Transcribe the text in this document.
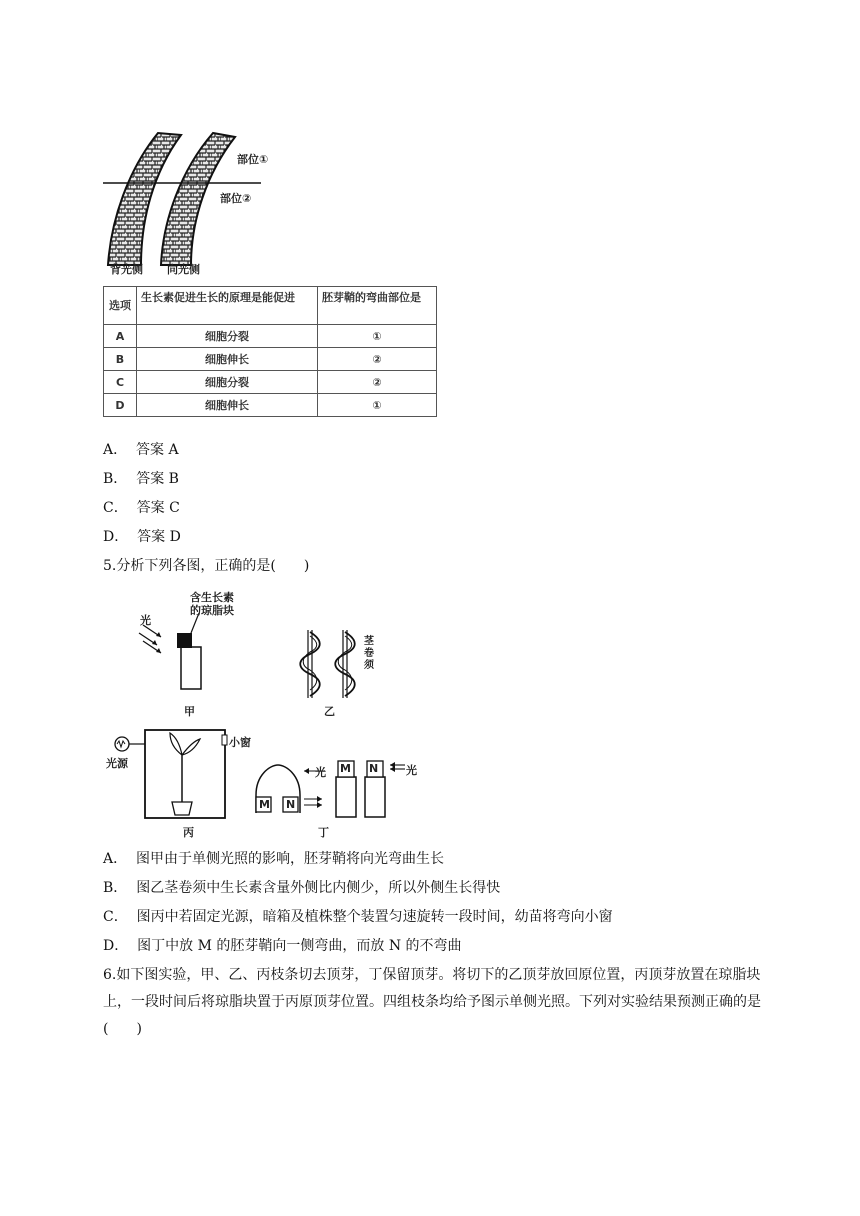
部位①
部位②
背光侧 向光侧
选项	生长素促进生长的原理是能促进	胚芽鞘的弯曲部位是
A	细胞分裂	①
B	细胞伸长	②
C	细胞分裂	②
D	细胞伸长	①
A． 答案 A
B． 答案 B
C． 答案 C
D． 答案 D
5.分析下列各图，正确的是(　　)
含生长素
的琼脂块
光
甲
茎卷须
乙
光源
小窗
丙
M N
光 M N	光
丁
A． 图甲由于单侧光照的影响，胚芽鞘将向光弯曲生长
B． 图乙茎卷须中生长素含量外侧比内侧少，所以外侧生长得快
C． 图丙中若固定光源，暗箱及植株整个装置匀速旋转一段时间，幼苗将弯向小窗
D． 图丁中放 M 的胚芽鞘向一侧弯曲，而放 N 的不弯曲
6.如下图实验，甲、乙、丙枝条切去顶芽，丁保留顶芽。将切下的乙顶芽放回原位置，丙顶芽放置在琼脂块上，一段时间后将琼脂块置于丙原顶芽位置。四组枝条均给予图示单侧光照。下列对实验结果预测正确的是(　　)
